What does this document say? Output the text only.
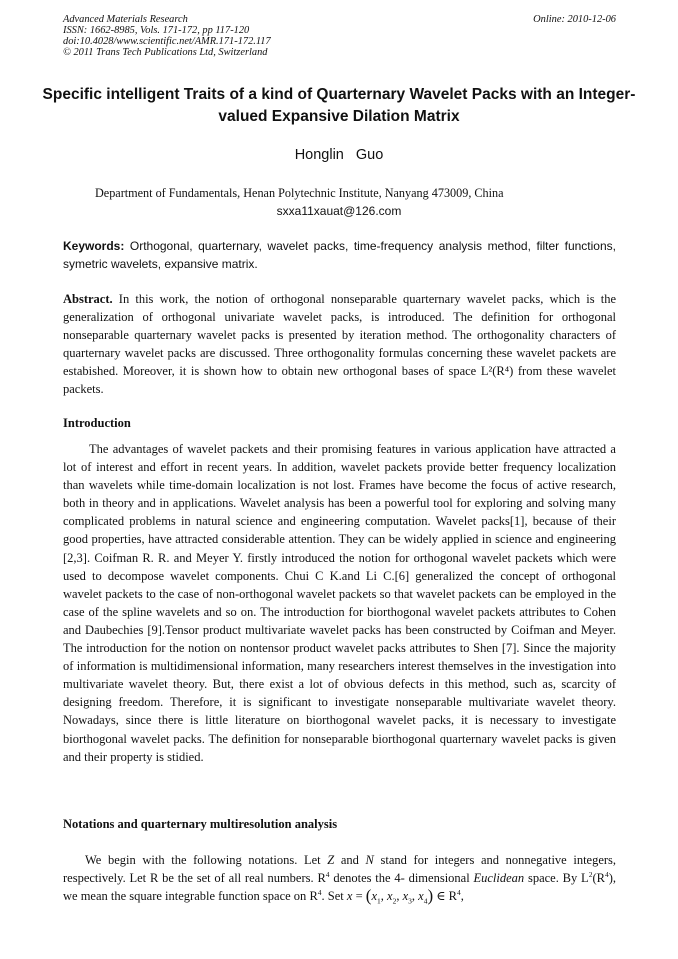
Advanced Materials Research
ISSN: 1662-8985, Vols. 171-172, pp 117-120
doi:10.4028/www.scientific.net/AMR.171-172.117
© 2011 Trans Tech Publications Ltd, Switzerland
Online: 2010-12-06
Specific intelligent Traits of a kind of Quarternary Wavelet Packs with an Integer-valued Expansive Dilation Matrix
Honglin Guo
Department of Fundamentals, Henan Polytechnic Institute, Nanyang 473009, China
sxxa11xauat@126.com
Keywords: Orthogonal, quarternary, wavelet packs, time-frequency analysis method, filter functions, symetric wavelets, expansive matrix.
Abstract. In this work, the notion of orthogonal nonseparable quarternary wavelet packs, which is the generalization of orthogonal univariate wavelet packs, is introduced. The definition for orthogonal nonseparable quarternary wavelet packs is presented by iteration method. The orthogonality characters of quarternary wavelet packs are discussed. Three orthogonality formulas concerning these wavelet packets are estabished. Moreover, it is shown how to obtain new orthogonal bases of space L²(R⁴) from these wavelet packets.
Introduction
The advantages of wavelet packets and their promising features in various application have attracted a lot of interest and effort in recent years. In addition, wavelet packets provide better frequency localization than wavelets while time-domain localization is not lost. Frames have become the focus of active research, both in theory and in applications. Wavelet analysis has been a powerful tool for exploring and solving many complicated problems in natural science and engineering computation. Wavelet packs[1], because of their good properties, have attracted considerable attention. They can be widely applied in science and engineering [2,3]. Coifman R. R. and Meyer Y. firstly introduced the notion for orthogonal wavelet packets which were used to decompose wavelet components. Chui C K.and Li C.[6] generalized the concept of orthogonal wavelet packets to the case of non-orthogonal wavelet packets so that wavelet packets can be employed in the case of the spline wavelets and so on. The introduction for biorthogonal wavelet packets attributes to Cohen and Daubechies [9].Tensor product multivariate wavelet packs has been constructed by Coifman and Meyer. The introduction for the notion on nontensor product wavelet packs attributes to Shen [7]. Since the majority of information is multidimensional information, many researchers interest themselves in the investigation into multivariate wavelet theory. But, there exist a lot of obvious defects in this method, such as, scarcity of designing freedom. Therefore, it is significant to investigate nonseparable multivariate wavelet theory. Nowadays, since there is little literature on biorthogonal wavelet packs, it is necessary to investigate biorthogonal wavelet packs. The definition for nonseparable biorthogonal quarternary wavelet packs is given and their property is stidied.
Notations and quarternary multiresolution analysis
We begin with the following notations. Let Z and N stand for integers and nonnegative integers, respectively. Let R be the set of all real numbers. $R^4$ denotes the 4- dimensional Euclidean space. By $L^2(R^4)$, we mean the square integrable function space on $R^4$. Set $x = (x_1$, $x_2$, $x_3$, $x_4$) ∈ $R^4$,
